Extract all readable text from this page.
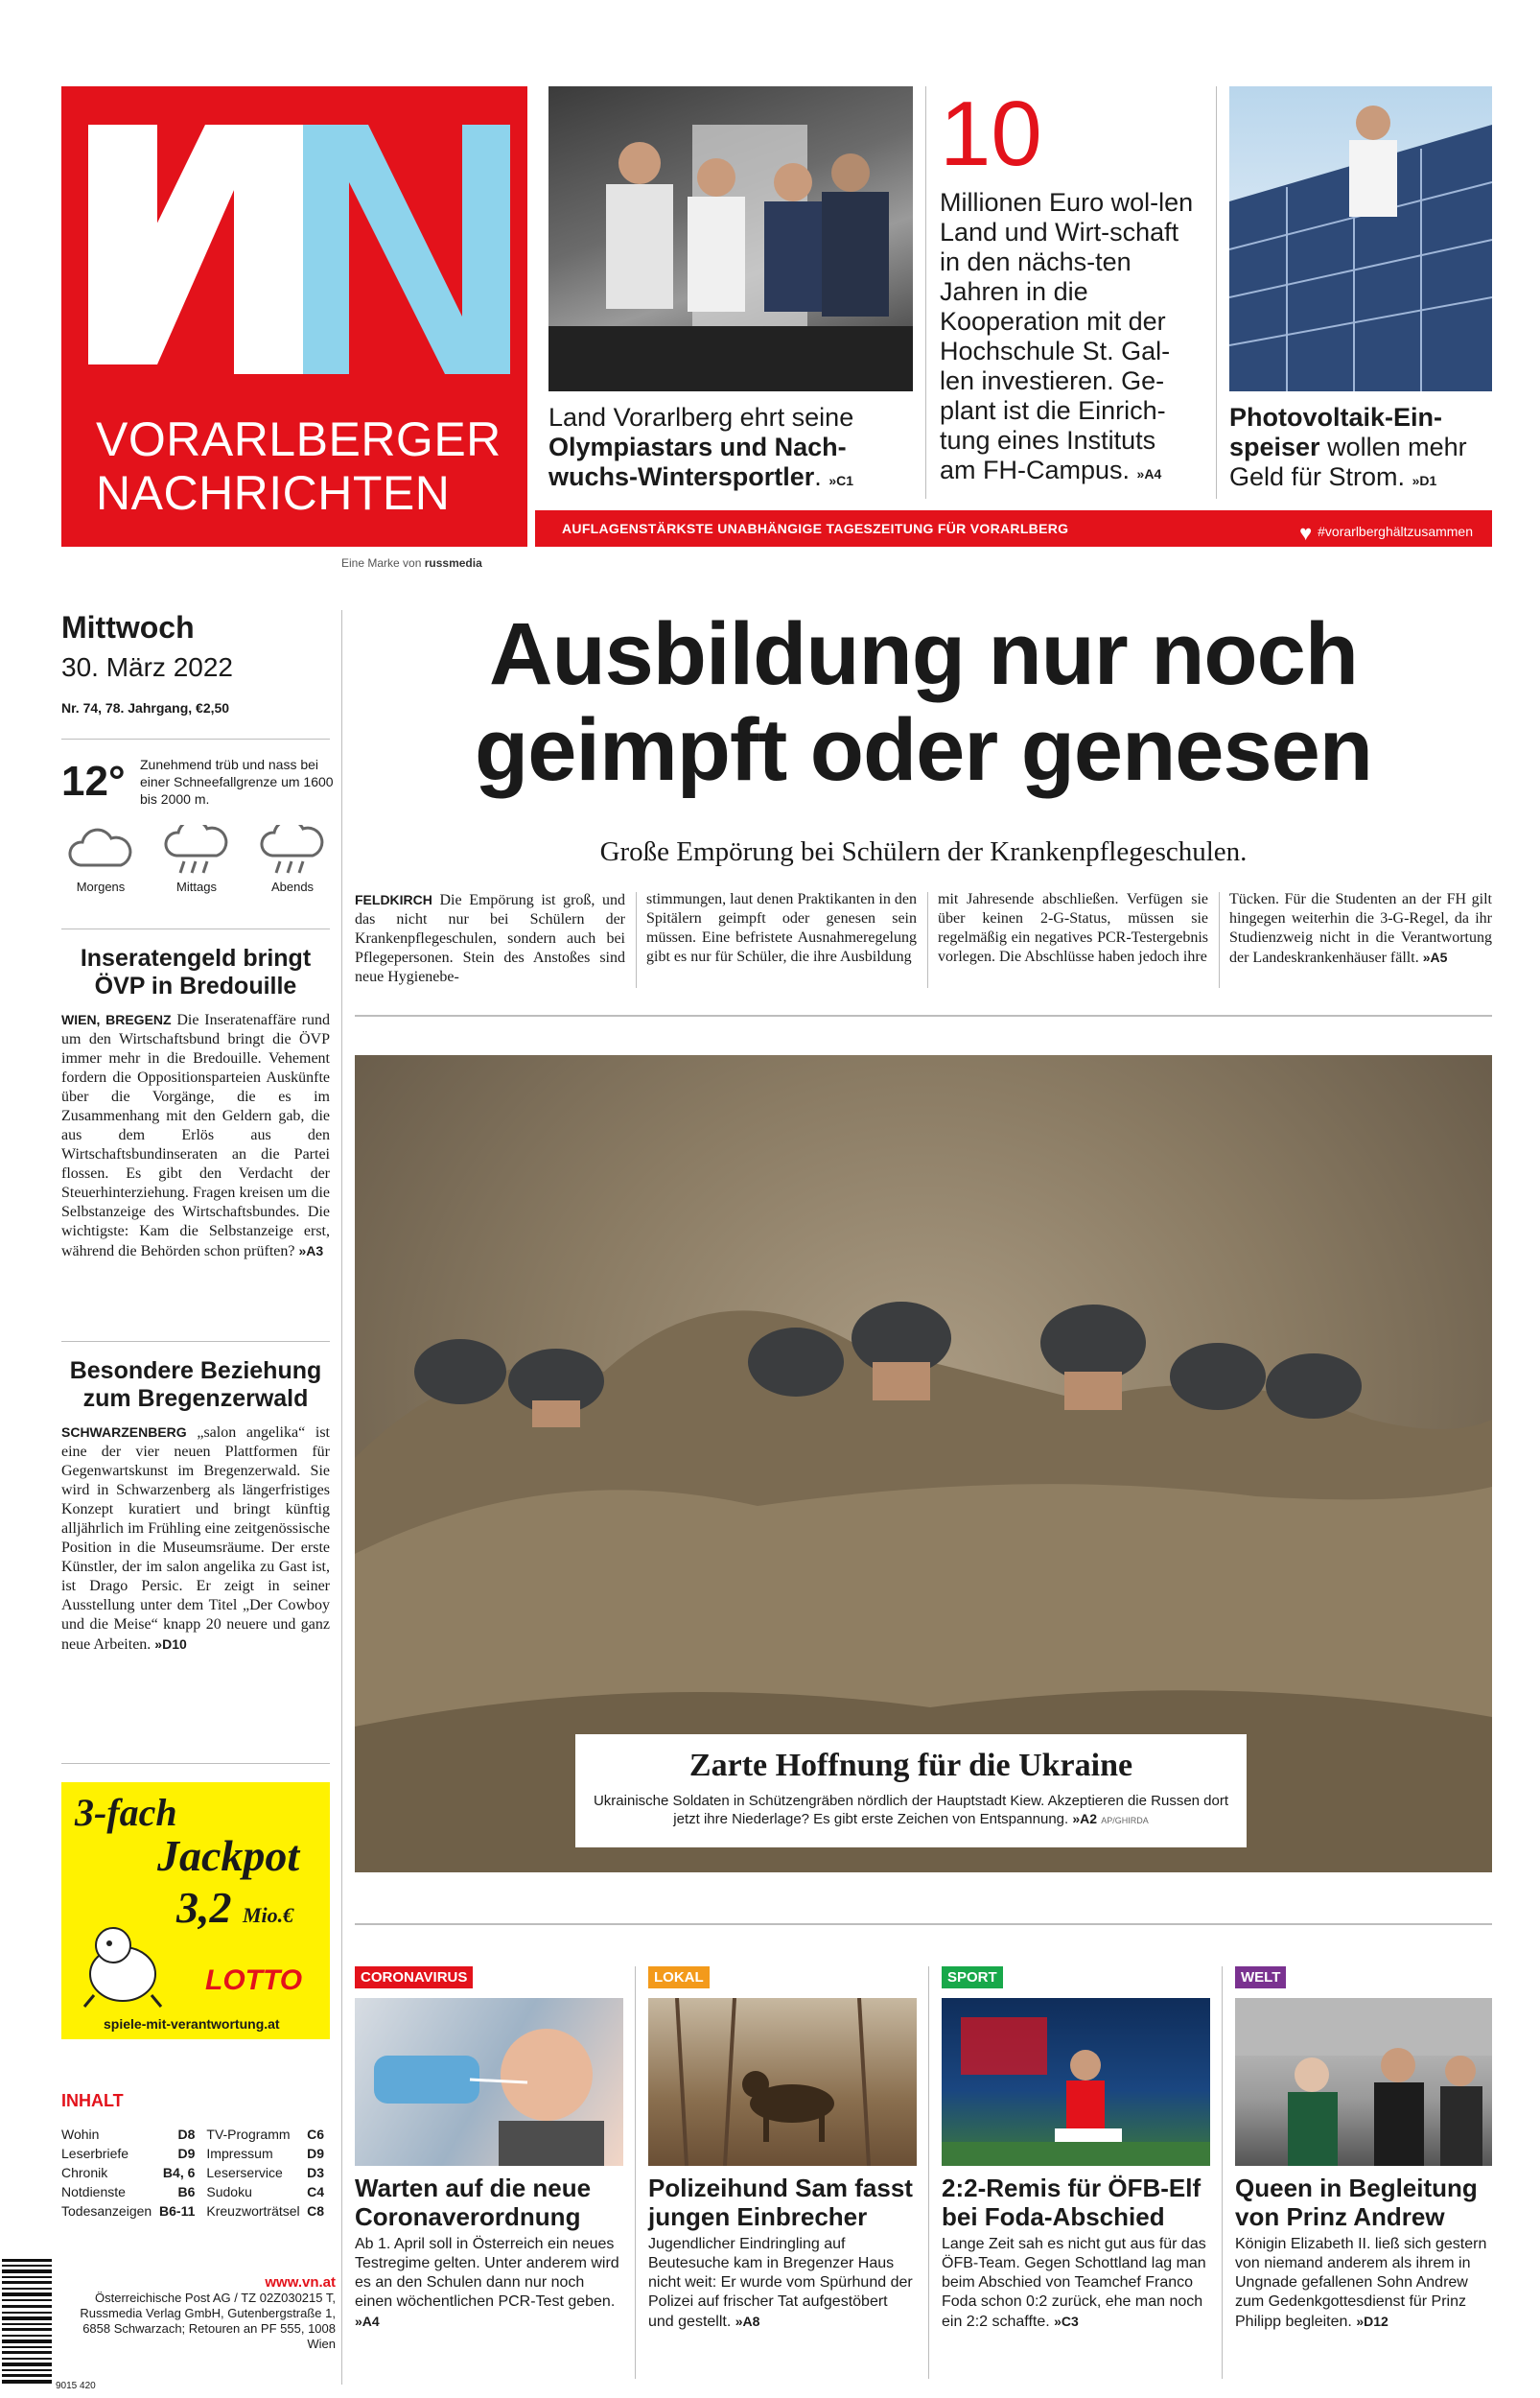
VORARLBERGER
NACHRICHTEN
Eine Marke von russmedia
Land Vorarlberg ehrt seine Olympiastars und Nach-wuchs-Wintersportler. »C1
10
Millionen Euro wol-len Land und Wirt-schaft in den nächs-ten Jahren in die Kooperation mit der Hochschule St. Gal-len investieren. Ge-plant ist die Einrich-tung eines Instituts am FH-Campus. »A4
Photovoltaik-Ein-speiser wollen mehr Geld für Strom. »D1
AUFLAGENSTÄRKSTE UNABHÄNGIGE TAGESZEITUNG FÜR VORARLBERG	♥ #vorarlberghältzusammen
Mittwoch
30. März 2022
Nr. 74, 78. Jahrgang, €2,50
12° Zunehmend trüb und nass bei einer Schneefallgrenze um 1600 bis 2000 m.
Morgens	Mittags	Abends
Inseratengeld bringt ÖVP in Bredouille
WIEN, BREGENZ Die Inseratenaffäre rund um den Wirtschaftsbund bringt die ÖVP immer mehr in die Bredouille. Vehement fordern die Oppositionsparteien Auskünfte über die Vorgänge, die es im Zusammenhang mit den Geldern gab, die aus dem Erlös aus den Wirtschaftsbundinseraten an die Partei flossen. Es gibt den Verdacht der Steuerhinterziehung. Fragen kreisen um die Selbstanzeige des Wirtschaftsbundes. Die wichtigste: Kam die Selbstanzeige erst, während die Behörden schon prüften? »A3
Besondere Beziehung zum Bregenzerwald
SCHWARZENBERG „salon angelika“ ist eine der vier neuen Plattformen für Gegenwartskunst im Bregenzerwald. Sie wird in Schwarzenberg als längerfristiges Konzept kuratiert und bringt künftig alljährlich im Frühling eine zeitgenössische Position in die Museumsräume. Der erste Künstler, der im salon angelika zu Gast ist, ist Drago Persic. Er zeigt in seiner Ausstellung unter dem Titel „Der Cowboy und die Meise“ knapp 20 neuere und ganz neue Arbeiten. »D10
3-fach
Jackpot
3,2 Mio.€
LOTTO
spiele-mit-verantwortung.at
INHALT
Wohin	D8	TV-Programm	C6
Leserbriefe	D9	Impressum	D9
Chronik	B4, 6	Leserservice	D3
Notdienste	B6	Sudoku	C4
Todesanzeigen	B6-11	Kreuzworträtsel	C8
9015 420
www.vn.at
Österreichische Post AG / TZ 02Z030215 T,
Russmedia Verlag GmbH, Gutenbergstraße 1,
6858 Schwarzach; Retouren an PF 555, 1008 Wien
Ausbildung nur noch
geimpft oder genesen
Große Empörung bei Schülern der Krankenpflegeschulen.
FELDKIRCH Die Empörung ist groß, und das nicht nur bei Schülern der Krankenpflegeschulen, sondern auch bei Pflegepersonen. Stein des Anstoßes sind neue Hygienebe-
stimmungen, laut denen Praktikanten in den Spitälern geimpft oder genesen sein müssen. Eine befristete Ausnahmeregelung gibt es nur für Schüler, die ihre Ausbildung
mit Jahresende abschließen. Verfügen sie über keinen 2-G-Status, müssen sie regelmäßig ein negatives PCR-Testergebnis vorlegen. Die Abschlüsse haben jedoch ihre
Tücken. Für die Studenten an der FH gilt hingegen weiterhin die 3-G-Regel, da ihr Studienzweig nicht in die Verantwortung der Landeskrankenhäuser fällt. »A5
Zarte Hoffnung für die Ukraine
Ukrainische Soldaten in Schützengräben nördlich der Hauptstadt Kiew. Akzeptieren die Russen dort jetzt ihre Niederlage? Es gibt erste Zeichen von Entspannung. »A2 AP/GHIRDA
CORONAVIRUS
Warten auf die neue Coronaverordnung
Ab 1. April soll in Österreich ein neues Testregime gelten. Unter anderem wird es an den Schulen dann nur noch einen wöchentlichen PCR-Test geben. »A4
LOKAL
Polizeihund Sam fasst jungen Einbrecher
Jugendlicher Eindringling auf Beutesuche kam in Bregenzer Haus nicht weit: Er wurde vom Spürhund der Polizei auf frischer Tat aufgestöbert und gestellt. »A8
SPORT
2:2-Remis für ÖFB-Elf bei Foda-Abschied
Lange Zeit sah es nicht gut aus für das ÖFB-Team. Gegen Schottland lag man beim Abschied von Teamchef Franco Foda schon 0:2 zurück, ehe man noch ein 2:2 schaffte. »C3
WELT
Queen in Begleitung von Prinz Andrew
Königin Elizabeth II. ließ sich gestern von niemand anderem als ihrem in Ungnade gefallenen Sohn Andrew zum Gedenkgottesdienst für Prinz Philipp begleiten. »D12
